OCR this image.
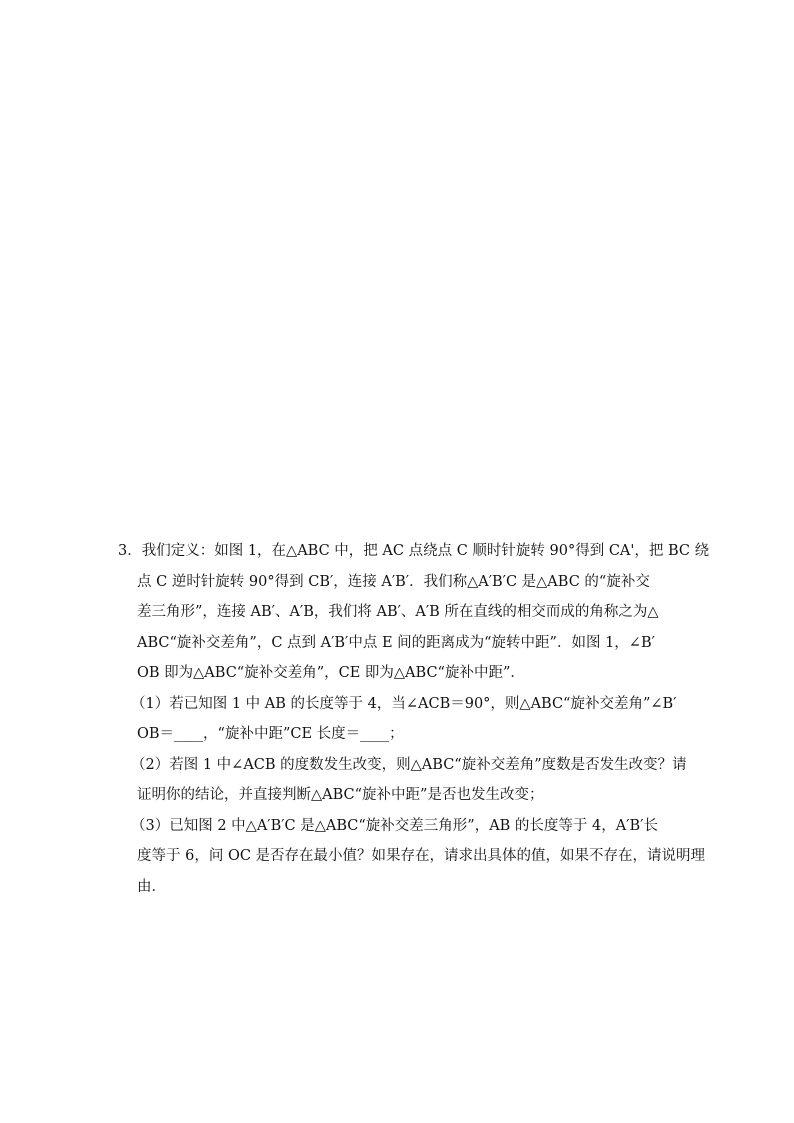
3．我们定义：如图 1，在△ABC 中，把 AC 点绕点 C 顺时针旋转 90°得到 CA'，把 BC 绕
点 C 逆时针旋转 90°得到 CB′，连接 A′B′．我们称△A′B′C 是△ABC 的“旋补交
差三角形”，连接 AB′、A′B，我们将 AB′、A′B 所在直线的相交而成的角称之为△
ABC“旋补交差角”，C 点到 A′B′中点 E 间的距离成为“旋转中距”．如图 1，∠B′
OB 即为△ABC“旋补交差角”，CE 即为△ABC“旋补中距”．
（1）若已知图 1 中 AB 的长度等于 4，当∠ACB＝90°，则△ABC“旋补交差角”∠B′
OB＝____，“旋补中距”CE 长度＝____；
（2）若图 1 中∠ACB 的度数发生改变，则△ABC“旋补交差角”度数是否发生改变？请
证明你的结论，并直接判断△ABC“旋补中距”是否也发生改变；
（3）已知图 2 中△A′B′C 是△ABC“旋补交差三角形”，AB 的长度等于 4，A′B′长
度等于 6，问 OC 是否存在最小值？如果存在，请求出具体的值，如果不存在，请说明理
由．
